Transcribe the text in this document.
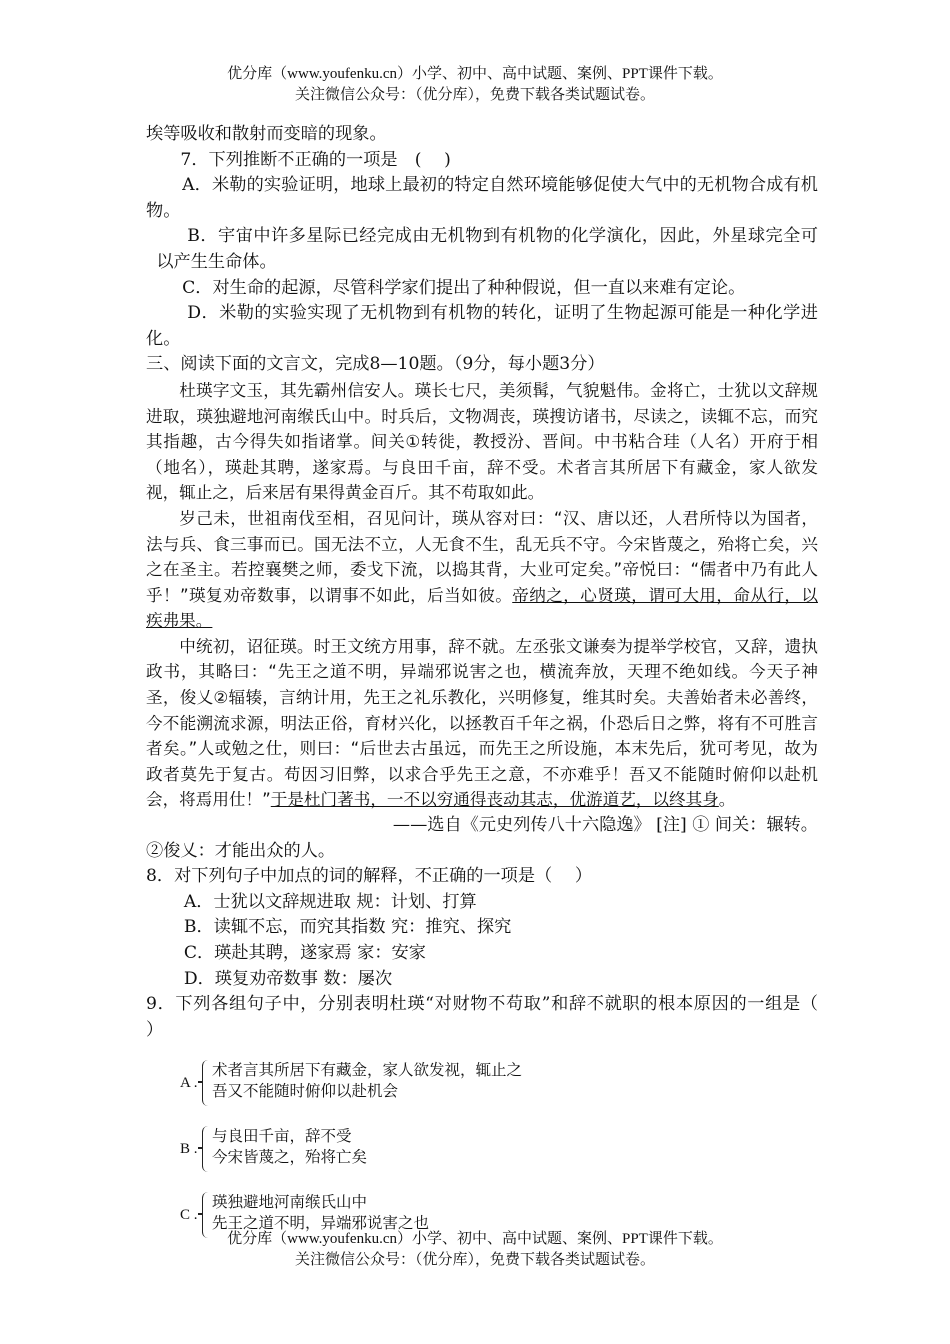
优分库（www.youfenku.cn）小学、初中、高中试题、案例、PPT课件下载。
关注微信公众号：（优分库），免费下载各类试题试卷。

埃等吸收和散射而变暗的现象。

7．下列推断不正确的一项是　(　 )

A．米勒的实验证明，地球上最初的特定自然环境能够促使大气中的无机物合成有机物。

B．宇宙中许多星际已经完成由无机物到有机物的化学演化，因此，外星球完全可以产生生命体。

C．对生命的起源，尽管科学家们提出了种种假说，但一直以来难有定论。

D．米勒的实验实现了无机物到有机物的转化，证明了生物起源可能是一种化学进化。

三、阅读下面的文言文，完成8—10题。（9分，每小题3分）

杜瑛字文玉，其先霸州信安人。瑛长七尺，美须髯，气貌魁伟。金将亡，士犹以文辞规进取，瑛独避地河南缑氏山中。时兵后，文物凋丧，瑛搜访诸书，尽读之，读辄不忘，而究其指趣，古今得失如指诸掌。间关①转徙，教授汾、晋间。中书粘合珪（人名）开府于相（地名），瑛赴其聘，遂家焉。与良田千亩，辞不受。术者言其所居下有藏金，家人欲发视，辄止之，后来居有果得黄金百斤。其不苟取如此。

岁己未，世祖南伐至相，召见问计，瑛从容对曰：“汉、唐以还，人君所恃以为国者，法与兵、食三事而已。国无法不立，人无食不生，乱无兵不守。今宋皆蔑之，殆将亡矣，兴之在圣主。若控襄樊之师，委戈下流，以捣其背，大业可定矣。”帝悦曰：“儒者中乃有此人乎！”瑛复劝帝数事，以谓事不如此，后当如彼。帝纳之，心贤瑛，谓可大用，命从行，以疾弗果。

中统初，诏征瑛。时王文统方用事，辞不就。左丞张文谦奏为提举学校官，又辞，遗执政书，其略曰：“先王之道不明，异端邪说害之也，横流奔放，天理不绝如线。今天子神圣，俊乂②辐辏，言纳计用，先王之礼乐教化，兴明修复，维其时矣。夫善始者未必善终，今不能溯流求源，明法正俗，育材兴化，以拯教百千年之祸，仆恐后日之弊，将有不可胜言者矣。”人或勉之仕，则曰：“后世去古虽远，而先王之所设施，本末先后，犹可考见，故为政者莫先于复古。苟因习旧弊，以求合乎先王之意，不亦难乎！吾又不能随时俯仰以赴机会，将焉用仕！”于是杜门著书，一不以穷通得丧动其志，优游道艺，以终其身。

——选自《元史列传八十六隐逸》 [注] ① 间关：辗转。

②俊乂：才能出众的人。

8．对下列句子中加点的词的解释，不正确的一项是（　 ）

A．士犹以文辞规进取 规：计划、打算

B．读辄不忘，而究其指数 究：推究、探究

C．瑛赴其聘，遂家焉 家：安家

D．瑛复劝帝数事 数：屡次

9．下列各组句子中，分别表明杜瑛“对财物不苟取”和辞不就职的根本原因的一组是（　 ）

A .
术者言其所居下有藏金，家人欲发视，辄止之
吾又不能随时俯仰以赴机会
B .
与良田千亩，辞不受
今宋皆蔑之，殆将亡矣
C .
瑛独避地河南缑氏山中
先王之道不明，异端邪说害之也
优分库（www.youfenku.cn）小学、初中、高中试题、案例、PPT课件下载。
关注微信公众号：（优分库），免费下载各类试题试卷。
